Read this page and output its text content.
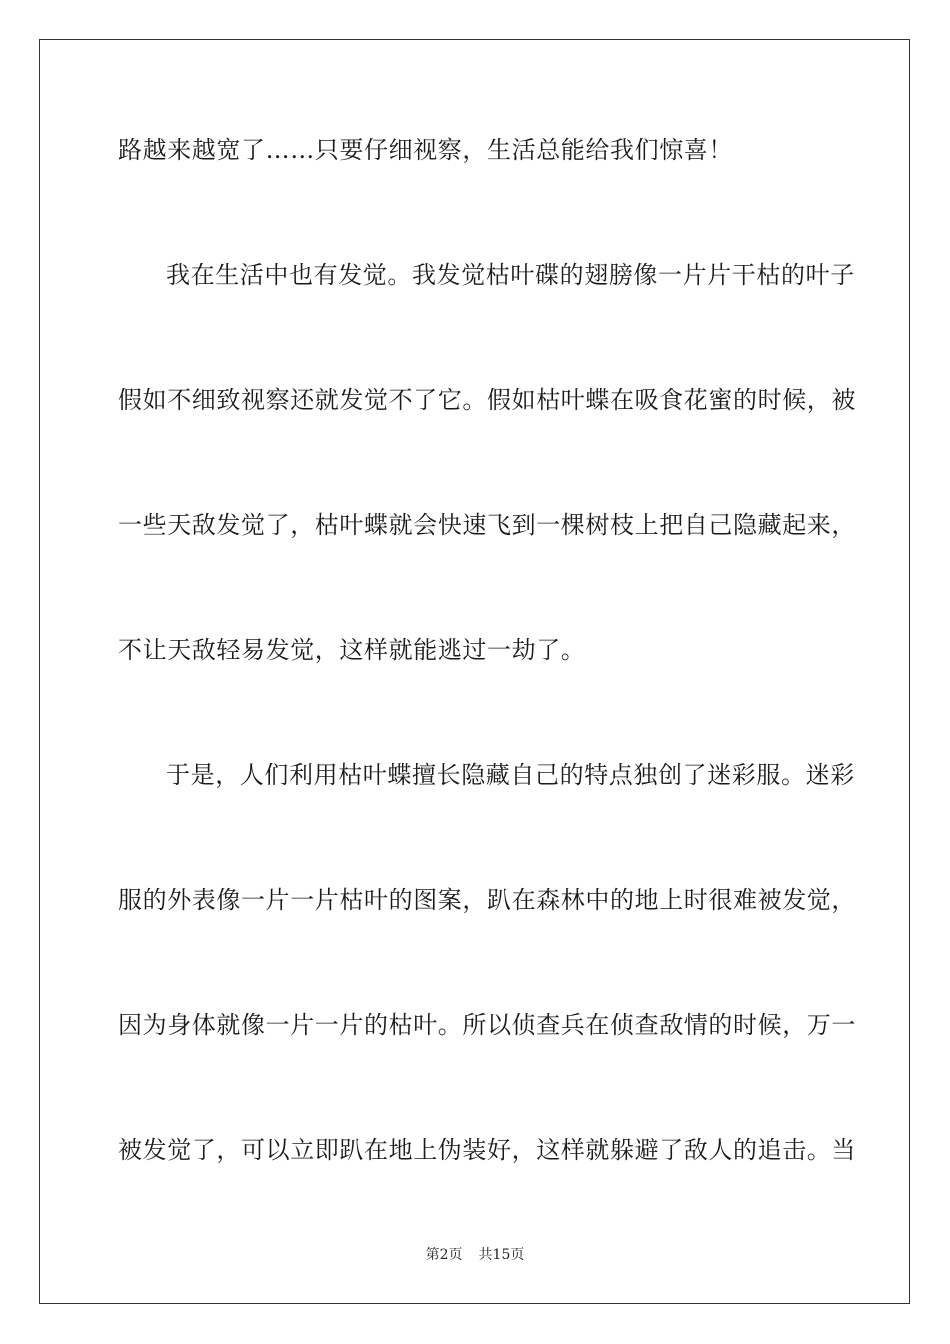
路越来越宽了……只要仔细视察，生活总能给我们惊喜！
我在生活中也有发觉。我发觉枯叶碟的翅膀像一片片干枯的叶子
假如不细致视察还就发觉不了它。假如枯叶蝶在吸食花蜜的时候，被
一些天敌发觉了，枯叶蝶就会快速飞到一棵树枝上把自己隐藏起来，
不让天敌轻易发觉，这样就能逃过一劫了。
于是，人们利用枯叶蝶擅长隐藏自己的特点独创了迷彩服。迷彩
服的外表像一片一片枯叶的图案，趴在森林中的地上时很难被发觉，
因为身体就像一片一片的枯叶。所以侦查兵在侦查敌情的时候，万一
被发觉了，可以立即趴在地上伪装好，这样就躲避了敌人的追击。当
第2页 共15页
